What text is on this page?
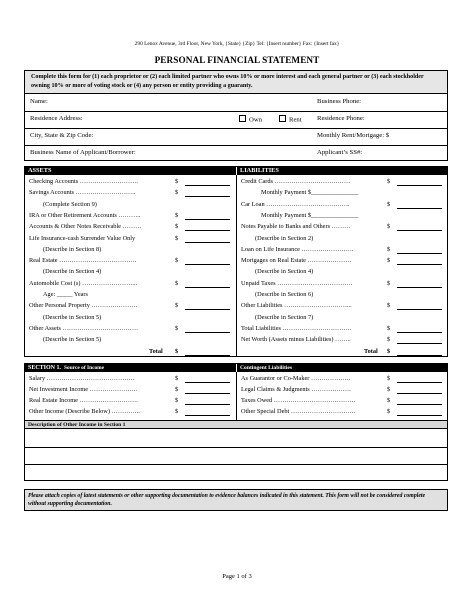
290 Lenox Avenue, 3rd Floor, New York, {State} {Zip} Tel: {Insert number} Fax: {Insert fax}
PERSONAL FINANCIAL STATEMENT
Complete this form for (1) each proprietor or (2) each limited partner who owns 10% or more interest and each general partner or (3) each stockholder owning 10% or more of voting stock or (4) any person or entity providing a guaranty.
Name:	Business Phone:
Residence Address:	Own	Rent Residence Phone:
City, State & Zip Code:	Monthly Rent/Mortgage: $
Business Name of Applicant/Borrower:	Applicant’s SS#:
ASSETS	LIABILITIES
Checking Accounts ……………………….	$
Savings Accounts ………………………..	$
(Complete Section 9)
IRA or Other Retirement Accounts ………..	$
Accounts & Other Notes Receivable ………	$
Life Insurance-cash Surrender Value Only	$
(Describe in Section 8)
Real Estate ……………………………….	$
(Describe in Section 4)
Automobile Cost (s) ……………………...	$
Age: _____ Years
Other Personal Property ………………….	$
(Describe in Section 5)
Other Assets ………………………………	$
(Describe in Section 5)
Total $
Credit Cards ………………………………	$
Monthly Payment $_______________
Car Loan ………………………………….	$
Monthly Payment $_______________
Notes Payable to Banks and Others ………	$
(Describe in Section 2)
Loan on Life Insurance …………………….	$
Mortgages on Real Estate …………………	$
(Describe in Section 4)
Unpaid Taxes ………………………………	$
(Describe in Section 6)
Other Liabilities …………………………...	$
(Describe in Section 7)
Total Liabilities ……………………………	$
Net Worth (Assets minus Liabilities) ……..	$
Total $
SECTION 1. Source of Income	Contingent Liabilities
Salary ……………………………………	$
Net Investment Income …………………..	$
Real Estate Income ……………………….	$
Other Income (Describe Below) …………..	$
As Guarantor or Co-Maker ……………….	$
Legal Claims & Judgments ……………….	$
Taxes Owed …………………………………	$
Other Special Debt ………………………….	$
Description of Other Income in Section 1
Please attach copies of latest statements or other supporting documentation to evidence balances indicated in this statement. This form will not be considered complete without supporting documentation.
Page 1 of 3
